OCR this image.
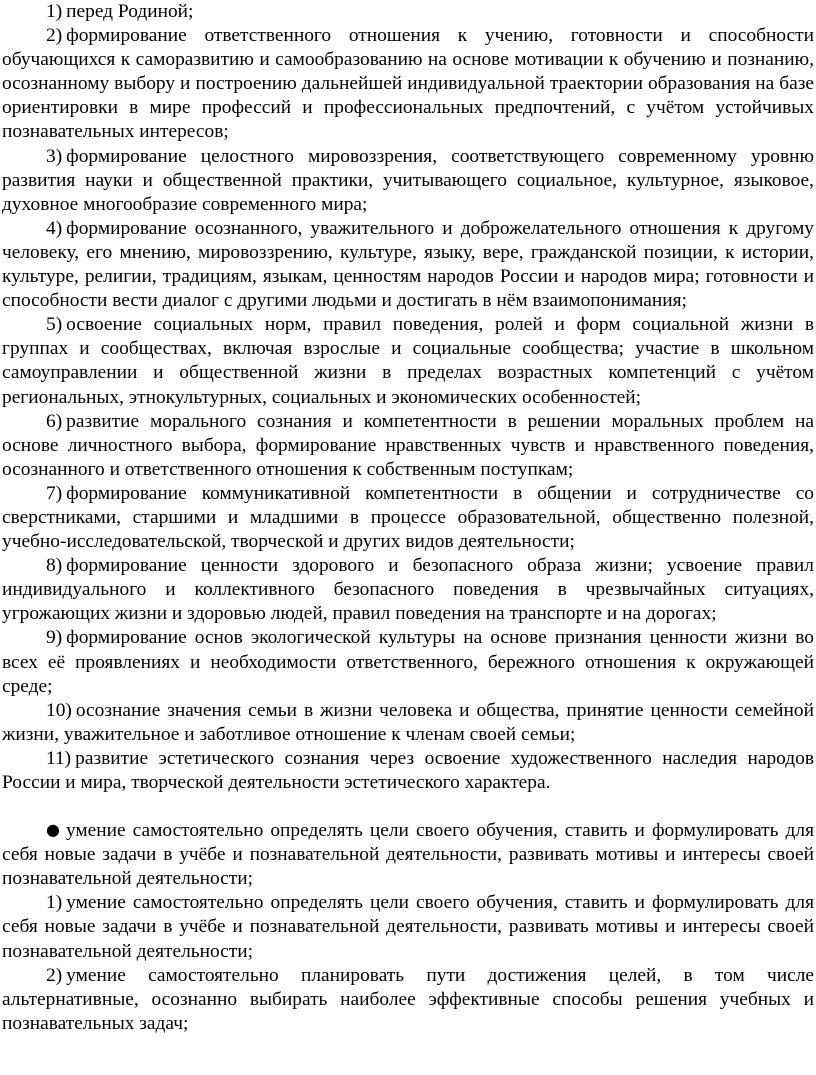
1) перед Родиной;

2) формирование ответственного отношения к учению, готовности и способности обучающихся к саморазвитию и самообразованию на основе мотивации к обучению и познанию, осознанному выбору и построению дальнейшей индивидуальной траектории образования на базе ориентировки в мире профессий и профессиональных предпочтений, с учётом устойчивых познавательных интересов;

3) формирование целостного мировоззрения, соответствующего современному уровню развития науки и общественной практики, учитывающего социальное, культурное, языковое, духовное многообразие современного мира;

4) формирование осознанного, уважительного и доброжелательного отношения к другому человеку, его мнению, мировоззрению, культуре, языку, вере, гражданской позиции, к истории, культуре, религии, традициям, языкам, ценностям народов России и народов мира; готовности и способности вести диалог с другими людьми и достигать в нём взаимопонимания;

5) освоение социальных норм, правил поведения, ролей и форм социальной жизни в группах и сообществах, включая взрослые и социальные сообщества; участие в школьном самоуправлении и общественной жизни в пределах возрастных компетенций с учётом региональных, этнокультурных, социальных и экономических особенностей;

6) развитие морального сознания и компетентности в решении моральных проблем на основе личностного выбора, формирование нравственных чувств и нравственного поведения, осознанного и ответственного отношения к собственным поступкам;

7) формирование коммуникативной компетентности в общении и сотрудничестве со сверстниками, старшими и младшими в процессе образовательной, общественно полезной, учебно-исследовательской, творческой и других видов деятельности;

8) формирование ценности здорового и безопасного образа жизни; усвоение правил индивидуального и коллективного безопасного поведения в чрезвычайных ситуациях, угрожающих жизни и здоровью людей, правил поведения на транспорте и на дорогах;

9) формирование основ экологической культуры на основе признания ценности жизни во всех её проявлениях и необходимости ответственного, бережного отношения к окружающей среде;

10) осознание значения семьи в жизни человека и общества, принятие ценности семейной жизни, уважительное и заботливое отношение к членам своей семьи;

11) развитие эстетического сознания через освоение художественного наследия народов России и мира, творческой деятельности эстетического характера.

● умение самостоятельно определять цели своего обучения, ставить и формулировать для себя новые задачи в учёбе и познавательной деятельности, развивать мотивы и интересы своей познавательной деятельности;

1) умение самостоятельно определять цели своего обучения, ставить и формулировать для себя новые задачи в учёбе и познавательной деятельности, развивать мотивы и интересы своей познавательной деятельности;

2) умение самостоятельно планировать пути достижения целей, в том числе альтернативные, осознанно выбирать наиболее эффективные способы решения учебных и познавательных задач;
